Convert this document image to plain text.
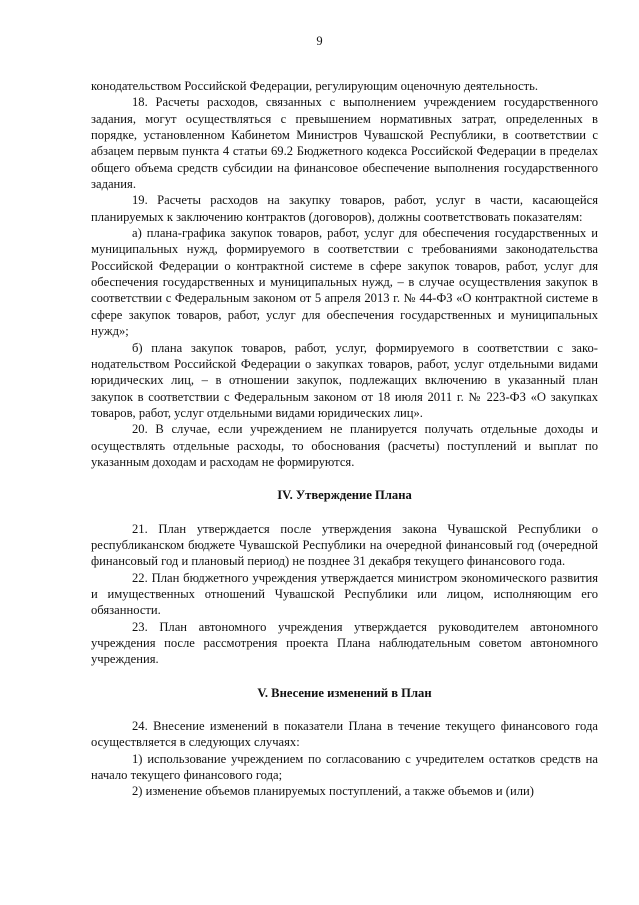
9

конодательством Российской Федерации, регулирующим оценочную деятельность.

18. Расчеты расходов, связанных с выполнением учреждением государственного задания, могут осуществляться с превышением нормативных затрат, определенных в порядке, установленном Кабинетом Министров Чувашской Республики, в соответствии с абзацем первым пункта 4 статьи 69.2 Бюджетного кодекса Российской Федерации в пределах общего объема средств субсидии на финансовое обеспечение выполнения государственного задания.

19. Расчеты расходов на закупку товаров, работ, услуг в части, касающейся планируемых к заключению контрактов (договоров), должны соответствовать показателям:

а) плана-графика закупок товаров, работ, услуг для обеспечения государственных и муниципальных нужд, формируемого в соответствии с требованиями законодательства Российской Федерации о контрактной системе в сфере закупок товаров, работ, услуг для обеспечения государственных и муниципальных нужд, – в случае осуществления закупок в соответствии с Федеральным законом от 5 апреля 2013 г. № 44-ФЗ «О контрактной системе в сфере закупок товаров, работ, услуг для обеспечения государственных и муниципальных нужд»;

б) плана закупок товаров, работ, услуг, формируемого в соответствии с законодательством Российской Федерации о закупках товаров, работ, услуг отдельными видами юридических лиц, – в отношении закупок, подлежащих включению в указанный план закупок в соответствии с Федеральным законом от 18 июля 2011 г. № 223-ФЗ «О закупках товаров, работ, услуг отдельными видами юридических лиц».

20. В случае, если учреждением не планируется получать отдельные доходы и осуществлять отдельные расходы, то обоснования (расчеты) поступлений и выплат по указанным доходам и расходам не формируются.

IV. Утверждение Плана

21. План утверждается после утверждения закона Чувашской Республики о республиканском бюджете Чувашской Республики на очередной финансовый год (очередной финансовый год и плановый период) не позднее 31 декабря текущего финансового года.

22. План бюджетного учреждения утверждается министром экономического развития и имущественных отношений Чувашской Республики или лицом, исполняющим его обязанности.

23. План автономного учреждения утверждается руководителем автономного учреждения после рассмотрения проекта Плана наблюдательным советом автономного учреждения.

V. Внесение изменений в План

24. Внесение изменений в показатели Плана в течение текущего финансового года осуществляется в следующих случаях:

1) использование учреждением по согласованию с учредителем остатков средств на начало текущего финансового года;

2) изменение объемов планируемых поступлений, а также объемов и (или)
